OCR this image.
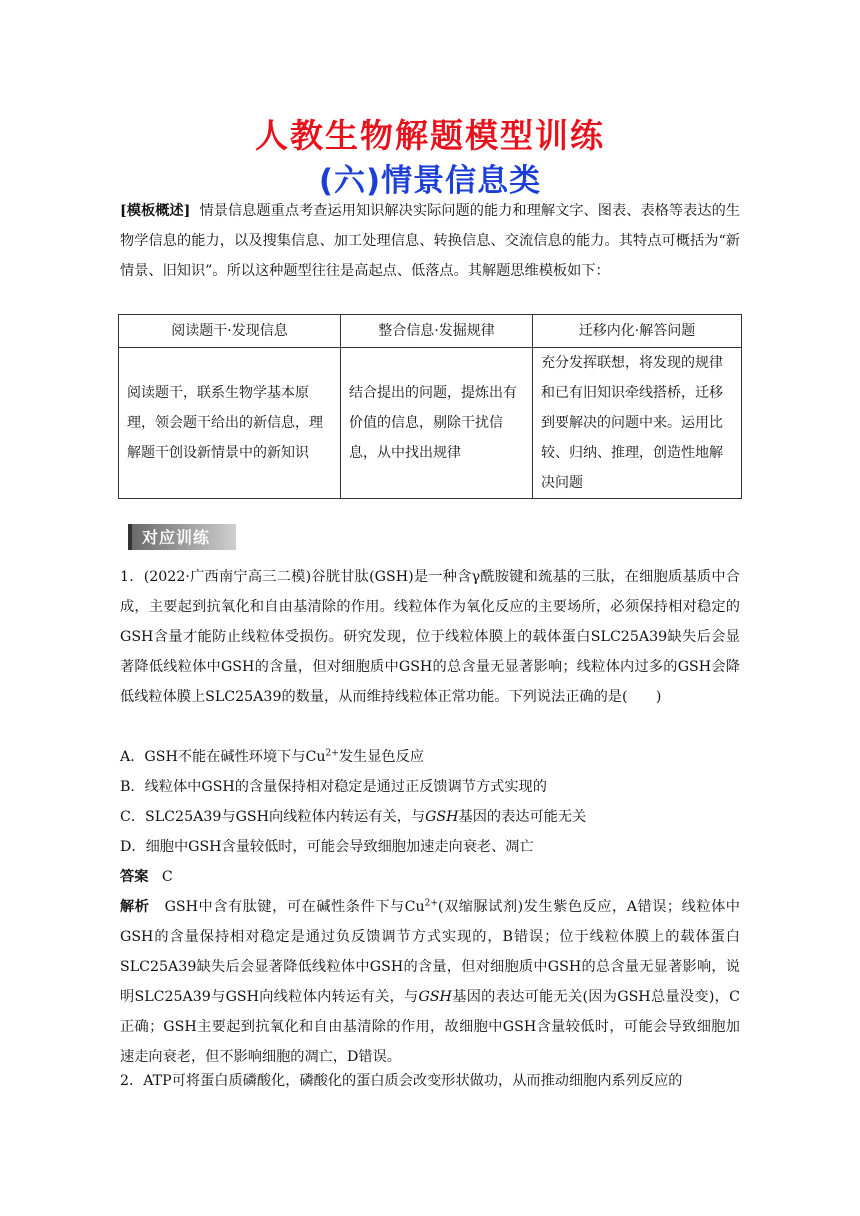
人教生物解题模型训练
(六)情景信息类
[模板概述] 情景信息题重点考查运用知识解决实际问题的能力和理解文字、图表、表格等表达的生物学信息的能力，以及搜集信息、加工处理信息、转换信息、交流信息的能力。其特点可概括为“新情景、旧知识”。所以这种题型往往是高起点、低落点。其解题思维模板如下：
阅读题干·发现信息	整合信息·发掘规律	迁移内化·解答问题
阅读题干，联系生物学基本原理，领会题干给出的新信息，理解题干创设新情景中的新知识	结合提出的问题，提炼出有价值的信息，剔除干扰信息，从中找出规律	充分发挥联想，将发现的规律和已有旧知识牵线搭桥，迁移到要解决的问题中来。运用比较、归纳、推理，创造性地解决问题
对应训练
1．(2022·广西南宁高三二模)谷胱甘肽(GSH)是一种含γ酰胺键和巯基的三肽，在细胞质基质中合成，主要起到抗氧化和自由基清除的作用。线粒体作为氧化反应的主要场所，必须保持相对稳定的GSH含量才能防止线粒体受损伤。研究发现，位于线粒体膜上的载体蛋白SLC25A39缺失后会显著降低线粒体中GSH的含量，但对细胞质中GSH的总含量无显著影响；线粒体内过多的GSH会降低线粒体膜上SLC25A39的数量，从而维持线粒体正常功能。下列说法正确的是(　　)
A．GSH不能在碱性环境下与$Cu^{2+}$发生显色反应
B．线粒体中GSH的含量保持相对稳定是通过正反馈调节方式实现的
C．SLC25A39与GSH向线粒体内转运有关，与GSH基因的表达可能无关
D．细胞中GSH含量较低时，可能会导致细胞加速走向衰老、凋亡
答案 C
解析 GSH中含有肽键，可在碱性条件下与$Cu^{2+}$(双缩脲试剂)发生紫色反应，A错误；线粒体中GSH的含量保持相对稳定是通过负反馈调节方式实现的，B错误；位于线粒体膜上的载体蛋白SLC25A39缺失后会显著降低线粒体中GSH的含量，但对细胞质中GSH的总含量无显著影响，说明SLC25A39与GSH向线粒体内转运有关，与GSH基因的表达可能无关(因为GSH总量没变)，C正确；GSH主要起到抗氧化和自由基清除的作用，故细胞中GSH含量较低时，可能会导致细胞加速走向衰老，但不影响细胞的凋亡，D错误。
2．ATP可将蛋白质磷酸化，磷酸化的蛋白质会改变形状做功，从而推动细胞内系列反应的
